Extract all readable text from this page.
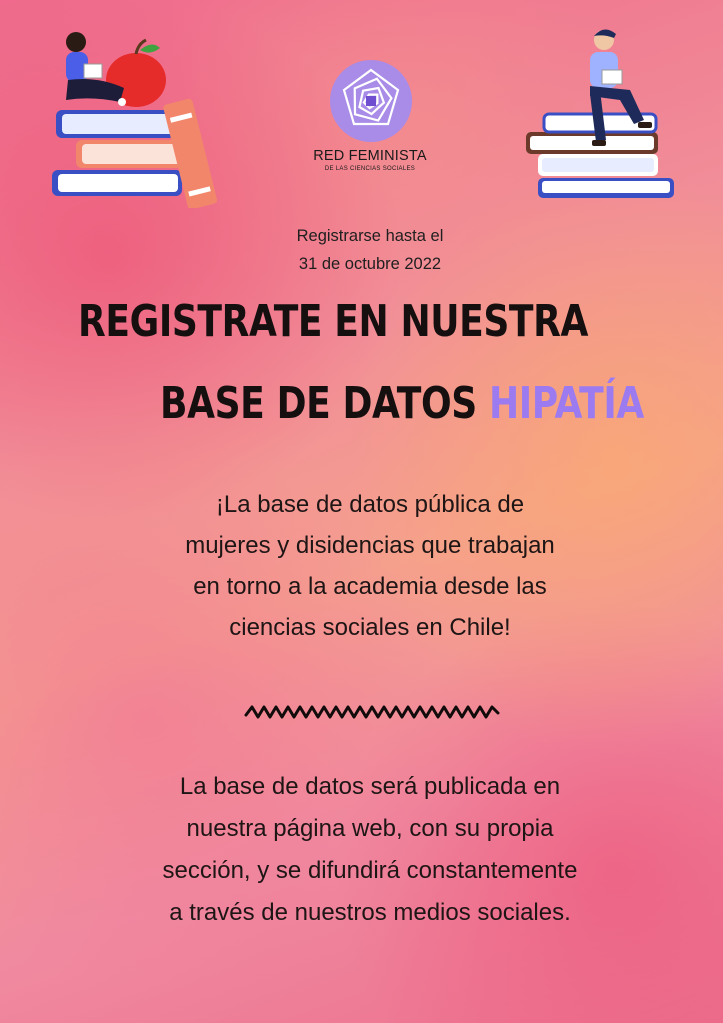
RED FEMINISTA
DE LAS CIENCIAS SOCIALES
Registrarse hasta el
31 de octubre 2022
REGISTRATE EN NUESTRA
BASE DE DATOS HIPATÍA
¡La base de datos pública de
mujeres y disidencias que trabajan
en torno a la academia desde las
ciencias sociales en Chile!
La base de datos será publicada en
nuestra página web, con su propia
sección, y se difundirá constantemente
a través de nuestros medios sociales.
